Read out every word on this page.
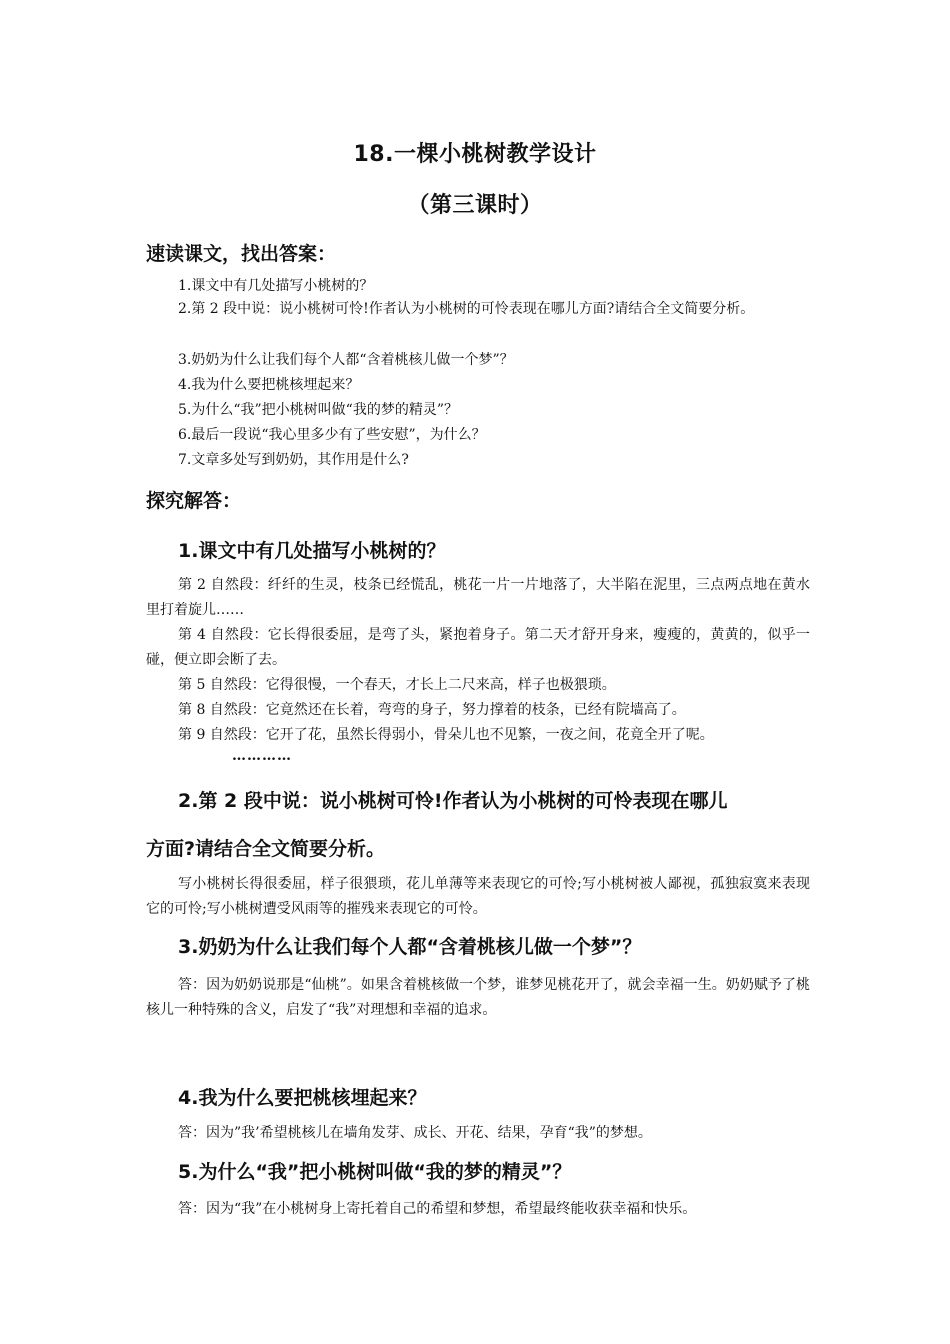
18.一棵小桃树教学设计
（第三课时）
速读课文，找出答案：
1.课文中有几处描写小桃树的？
2.第 2 段中说：说小桃树可怜!作者认为小桃树的可怜表现在哪儿方面?请结合全文简要分析。
3.奶奶为什么让我们每个人都“含着桃核儿做一个梦”？
4.我为什么要把桃核埋起来？
5.为什么“我”把小桃树叫做“我的梦的精灵”？
6.最后一段说“我心里多少有了些安慰”，为什么？
7.文章多处写到奶奶，其作用是什么?
探究解答：
1.课文中有几处描写小桃树的？
第 2 自然段：纤纤的生灵，枝条已经慌乱，桃花一片一片地落了，大半陷在泥里，三点两点地在黄水里打着旋儿……
第 4 自然段：它长得很委屈，是弯了头，紧抱着身子。第二天才舒开身来，瘦瘦的，黄黄的，似乎一碰，便立即会断了去。
第 5 自然段：它得很慢，一个春天，才长上二尺来高，样子也极猥琐。
第 8 自然段：它竟然还在长着，弯弯的身子，努力撑着的枝条，已经有院墙高了。
第 9 自然段：它开了花，虽然长得弱小，骨朵儿也不见繁，一夜之间，花竟全开了呢。
…………
2.第 2 段中说：说小桃树可怜!作者认为小桃树的可怜表现在哪儿
方面?请结合全文简要分析。
写小桃树长得很委屈，样子很猥琐，花儿单薄等来表现它的可怜;写小桃树被人鄙视，孤独寂寞来表现它的可怜;写小桃树遭受风雨等的摧残来表现它的可怜。
3.奶奶为什么让我们每个人都“含着桃核儿做一个梦”？
答：因为奶奶说那是“仙桃”。如果含着桃核做一个梦，谁梦见桃花开了，就会幸福一生。奶奶赋予了桃核儿一种特殊的含义，启发了“我”对理想和幸福的追求。
4.我为什么要把桃核埋起来？
答：因为”我’希望桃核儿在墙角发芽、成长、开花、结果，孕育“我”的梦想。
5.为什么“我”把小桃树叫做“我的梦的精灵”？
答：因为“我”在小桃树身上寄托着自己的希望和梦想，希望最终能收获幸福和快乐。
